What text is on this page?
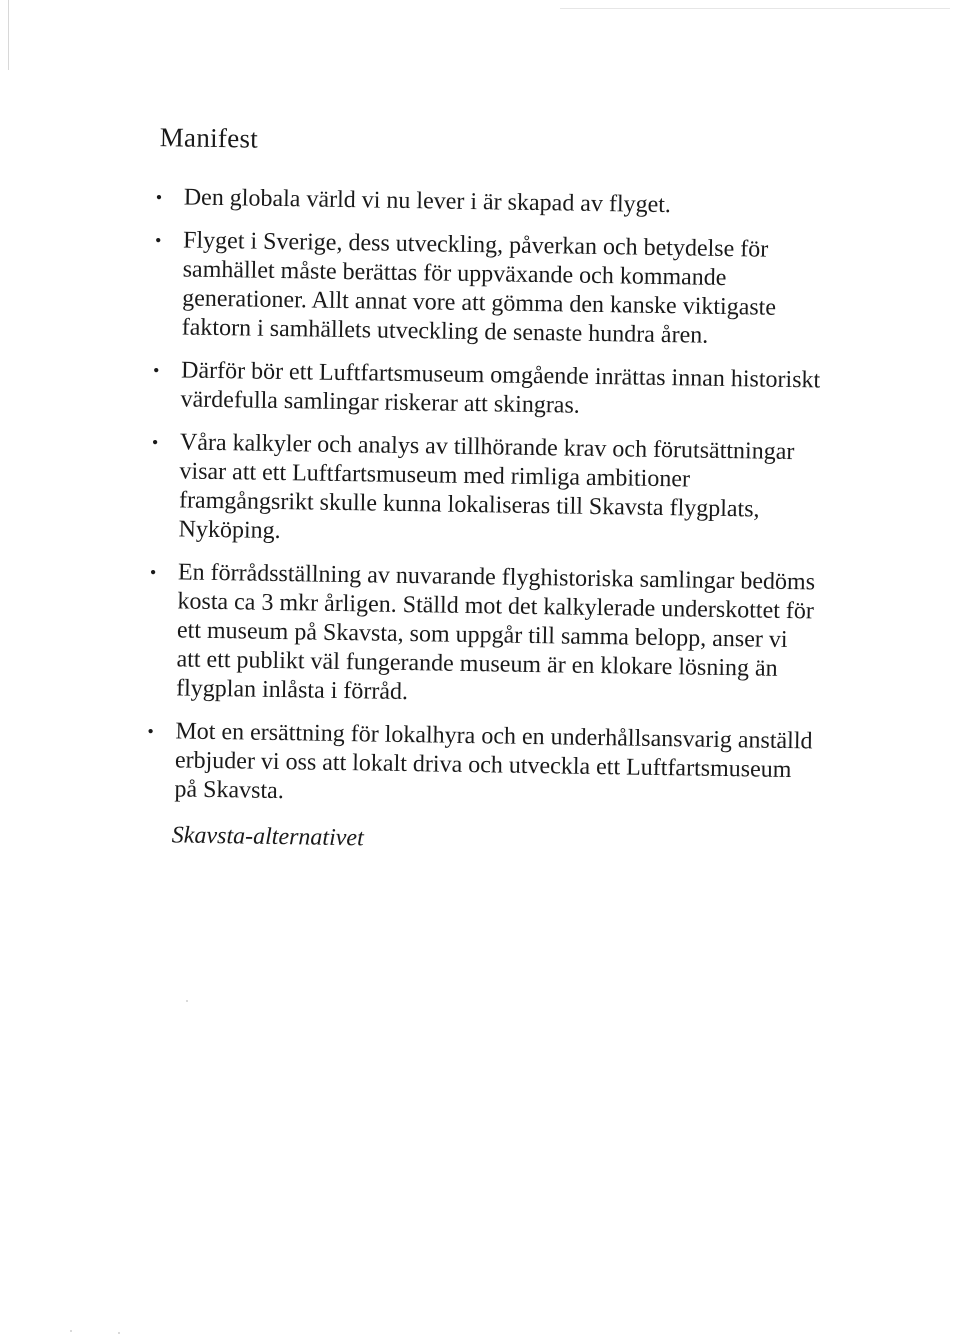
Manifest
• Den globala värld vi nu lever i är skapad av flyget.
• Flyget i Sverige, dess utveckling, påverkan och betydelse för samhället måste berättas för uppväxande och kommande generationer. Allt annat vore att gömma den kanske viktigaste faktorn i samhällets utveckling de senaste hundra åren.
• Därför bör ett Luftfartsmuseum omgående inrättas innan historiskt värdefulla samlingar riskerar att skingras.
• Våra kalkyler och analys av tillhörande krav och förutsättningar visar att ett Luftfartsmuseum med rimliga ambitioner framgångsrikt skulle kunna lokaliseras till Skavsta flygplats, Nyköping.
• En förrådsställning av nuvarande flyghistoriska samlingar bedöms kosta ca 3 mkr årligen. Ställd mot det kalkylerade underskottet för ett museum på Skavsta, som uppgår till samma belopp, anser vi att ett publikt väl fungerande museum är en klokare lösning än flygplan inlåsta i förråd.
• Mot en ersättning för lokalhyra och en underhållsansvarig anställd erbjuder vi oss att lokalt driva och utveckla ett Luftfartsmuseum på Skavsta.
Skavsta-alternativet
